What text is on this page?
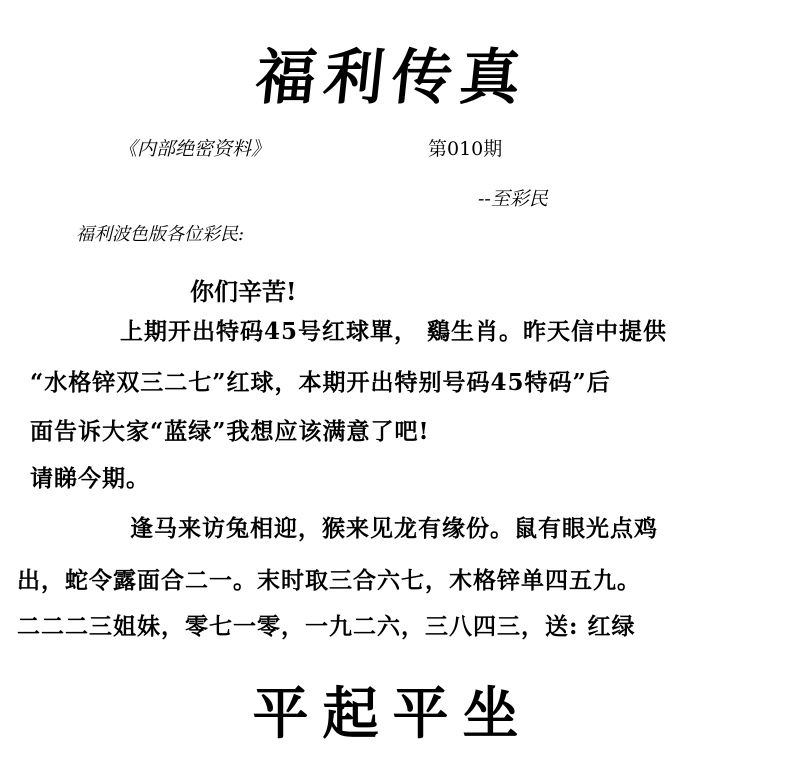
福利传真
《内部绝密资料》	第010期
--至彩民
福利波色版各位彩民:
你们辛苦!
上期开出特码45号红球單， 鷄生肖。昨天信中提供
“水格锌双三二七”红球，本期开出特别号码45特码”后
面告诉大家“蓝绿”我想应该满意了吧!
请睇今期。
逢马来访兔相迎，猴来见龙有缘份。鼠有眼光点鸡
出，蛇令露面合二一。末时取三合六七，木格锌单四五九。
二二二三姐妹，零七一零，一九二六，三八四三，送: 红绿
平起平坐
